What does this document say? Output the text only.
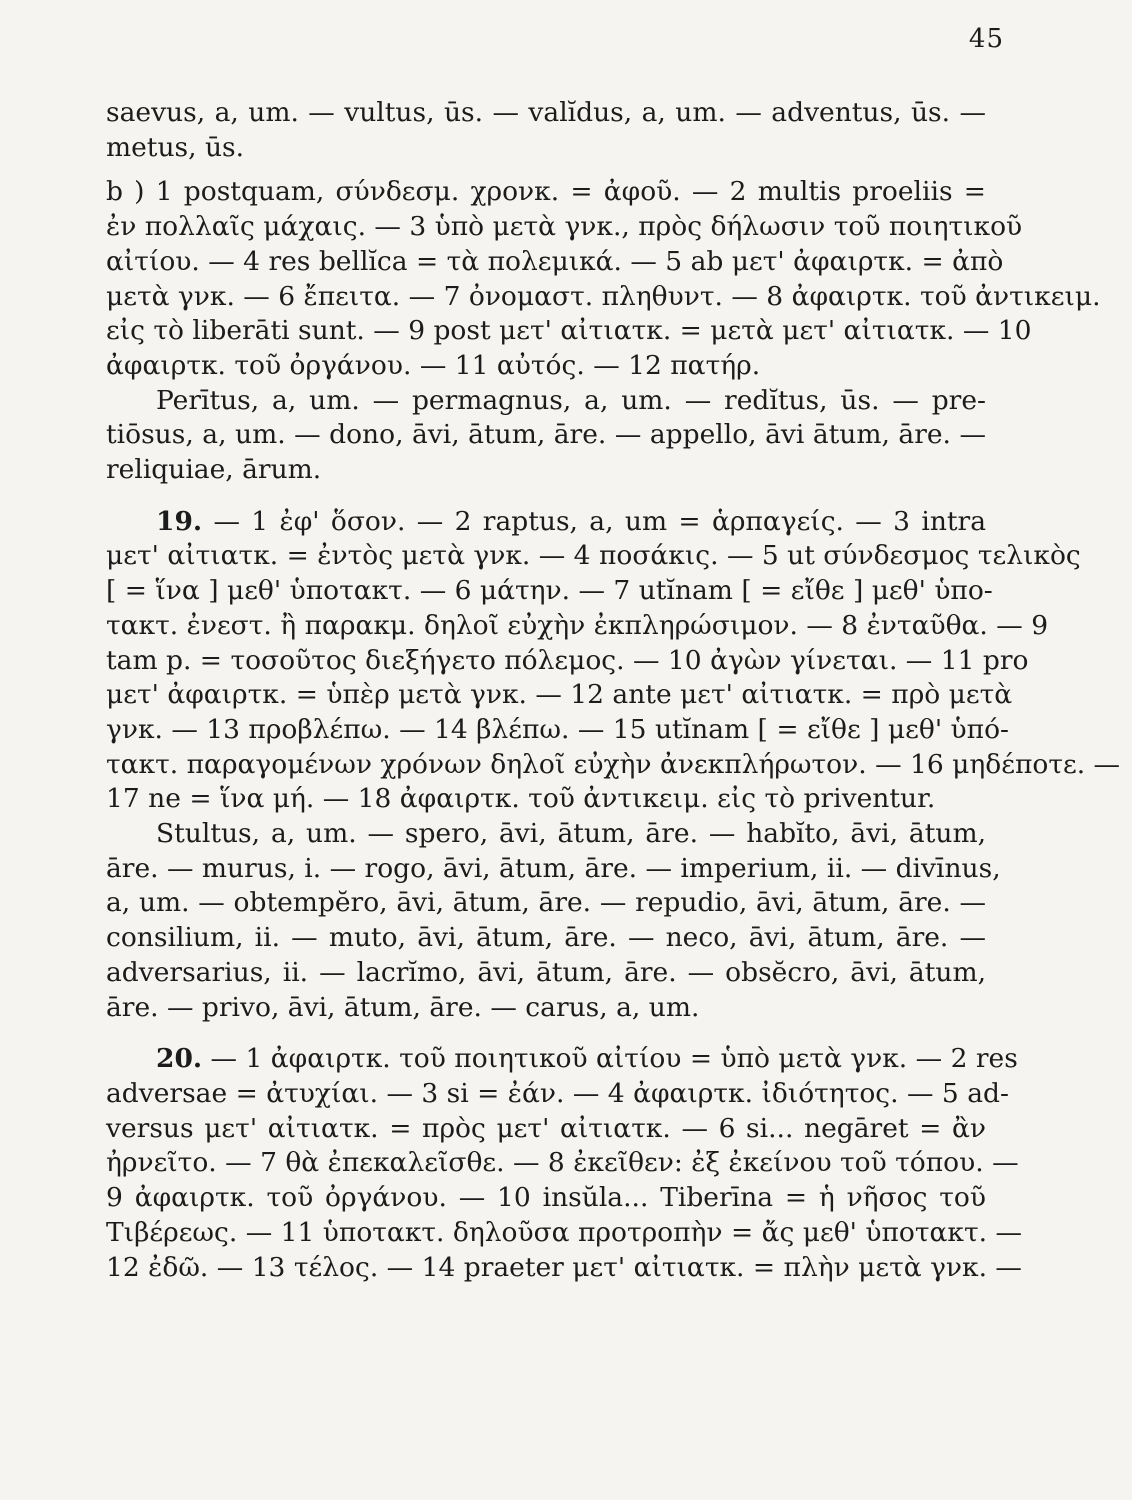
45
saevus, a, um. — vultus, ūs. — valĭdus, a, um. — adventus, ūs. —
metus, ūs.
b ) 1 postquam, σύνδεσμ. χρονκ. = ἀφοῦ. — 2 multis proeliis =
ἐν πολλαῖς μάχαις. — 3 ὑπὸ μετὰ γνκ., πρὸς δήλωσιν τοῦ ποιητικοῦ
αἰτίου. — 4 res bellĭca = τὰ πολεμικά. — 5 ab μετ' ἀφαιρτκ. = ἀπὸ
μετὰ γνκ. — 6 ἔπειτα. — 7 ὀνομαστ. πληθυντ. — 8 ἀφαιρτκ. τοῦ ἀντικειμ.
εἰς τὸ liberāti sunt. — 9 post μετ' αἰτιατκ. = μετὰ μετ' αἰτιατκ. — 10
ἀφαιρτκ. τοῦ ὀργάνου. — 11 αὐτός. — 12 πατήρ.
Perītus, a, um. — permagnus, a, um. — redĭtus, ūs. — pre-
tiōsus, a, um. — dono, āvi, ātum, āre. — appello, āvi ātum, āre. —
reliquiae, ārum.
19. — 1 ἐφ' ὅσον. — 2 raptus, a, um = ἁρπαγείς. — 3 intra
μετ' αἰτιατκ. = ἐντὸς μετὰ γνκ. — 4 ποσάκις. — 5 ut σύνδεσμος τελικὸς
[ = ἵνα ] μεθ' ὑποτακτ. — 6 μάτην. — 7 utĭnam [ = εἴθε ] μεθ' ὑπο-
τακτ. ἐνεστ. ἢ παρακμ. δηλοῖ εὐχὴν ἐκπληρώσιμον. — 8 ἐνταῦθα. — 9
tam p. = τοσοῦτος διεξήγετο πόλεμος. — 10 ἀγὼν γίνεται. — 11 pro
μετ' ἀφαιρτκ. = ὑπὲρ μετὰ γνκ. — 12 ante μετ' αἰτιατκ. = πρὸ μετὰ
γνκ. — 13 προβλέπω. — 14 βλέπω. — 15 utĭnam [ = εἴθε ] μεθ' ὑπό-
τακτ. παραγομένων χρόνων δηλοῖ εὐχὴν ἀνεκπλήρωτον. — 16 μηδέποτε. —
17 ne = ἵνα μή. — 18 ἀφαιρτκ. τοῦ ἀντικειμ. εἰς τὸ priventur.
Stultus, a, um. — spero, āvi, ātum, āre. — habĭto, āvi, ātum,
āre. — murus, i. — rogo, āvi, ātum, āre. — imperium, ii. — divīnus,
a, um. — obtempĕro, āvi, ātum, āre. — repudio, āvi, ātum, āre. —
consilium, ii. — muto, āvi, ātum, āre. — neco, āvi, ātum, āre. —
adversarius, ii. — lacrĭmo, āvi, ātum, āre. — obsĕcro, āvi, ātum,
āre. — privo, āvi, ātum, āre. — carus, a, um.
20. — 1 ἀφαιρτκ. τοῦ ποιητικοῦ αἰτίου = ὑπὸ μετὰ γνκ. — 2 res
adversae = ἀτυχίαι. — 3 si = ἐάν. — 4 ἀφαιρτκ. ἰδιότητος. — 5 ad-
versus μετ' αἰτιατκ. = πρὸς μετ' αἰτιατκ. — 6 si... negāret = ἂν
ἠρνεῖτο. — 7 θὰ ἐπεκαλεῖσθε. — 8 ἐκεῖθεν: ἐξ ἐκείνου τοῦ τόπου. —
9 ἀφαιρτκ. τοῦ ὀργάνου. — 10 insŭla... Tiberīna = ἡ νῆσος τοῦ
Τιβέρεως. — 11 ὑποτακτ. δηλοῦσα προτροπὴν = ἄς μεθ' ὑποτακτ. —
12 ἐδῶ. — 13 τέλος. — 14 praeter μετ' αἰτιατκ. = πλὴν μετὰ γνκ. —
